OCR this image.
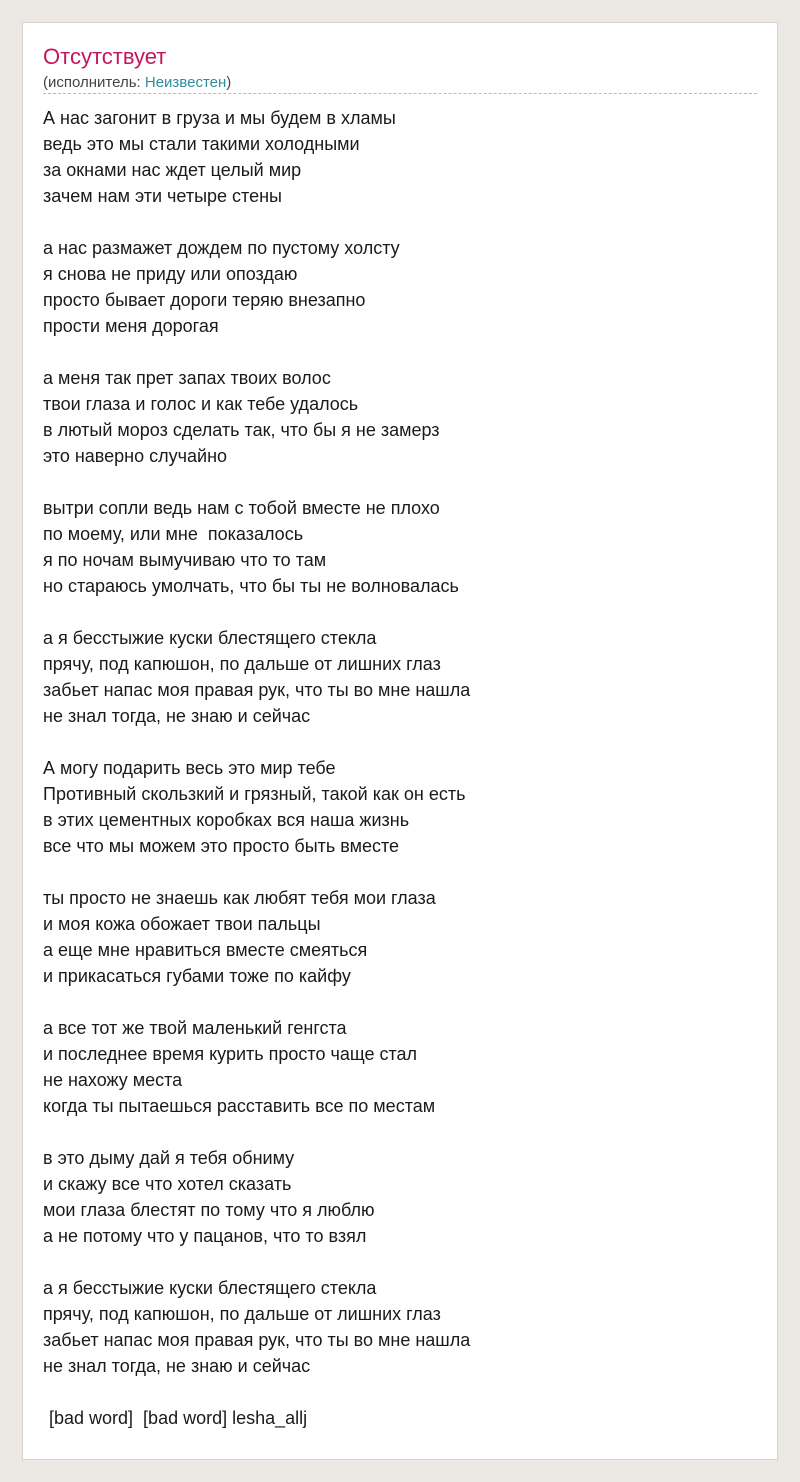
Отсутствует
(исполнитель: Неизвестен)
А нас загонит в груза и мы будем в хламы
ведь это мы стали такими холодными
за окнами нас ждет целый мир
зачем нам эти четыре стены
а нас размажет дождем по пустому холсту
я снова не приду или опоздаю
просто бывает дороги теряю внезапно
прости меня дорогая
а меня так прет запах твоих волос
твои глаза и голос и как тебе удалось
в лютый мороз сделать так, что бы я не замерз
это наверно случайно
вытри сопли ведь нам с тобой вместе не плохо
по моему, или мне  показалось
я по ночам вымучиваю что то там
но стараюсь умолчать, что бы ты не волновалась
а я бесстыжие куски блестящего стекла
прячу, под капюшон, по дальше от лишних глаз
забьет напас моя правая рук, что ты во мне нашла
не знал тогда, не знаю и сейчас
А могу подарить весь это мир тебе
Противный скользкий и грязный, такой как он есть
в этих цементных коробках вся наша жизнь
все что мы можем это просто быть вместе
ты просто не знаешь как любят тебя мои глаза
и моя кожа обожает твои пальцы
а еще мне нравиться вместе смеяться
и прикасаться губами тоже по кайфу
а все тот же твой маленький генгста
и последнее время курить просто чаще стал
не нахожу места
когда ты пытаешься расставить все по местам
в это дыму дай я тебя обниму
и скажу все что хотел сказать
мои глаза блестят по тому что я люблю
а не потому что у пацанов, что то взял
а я бесстыжие куски блестящего стекла
прячу, под капюшон, по дальше от лишних глаз
забьет напас моя правая рук, что ты во мне нашла
не знал тогда, не знаю и сейчас
[bad word]  [bad word] lesha_allj
